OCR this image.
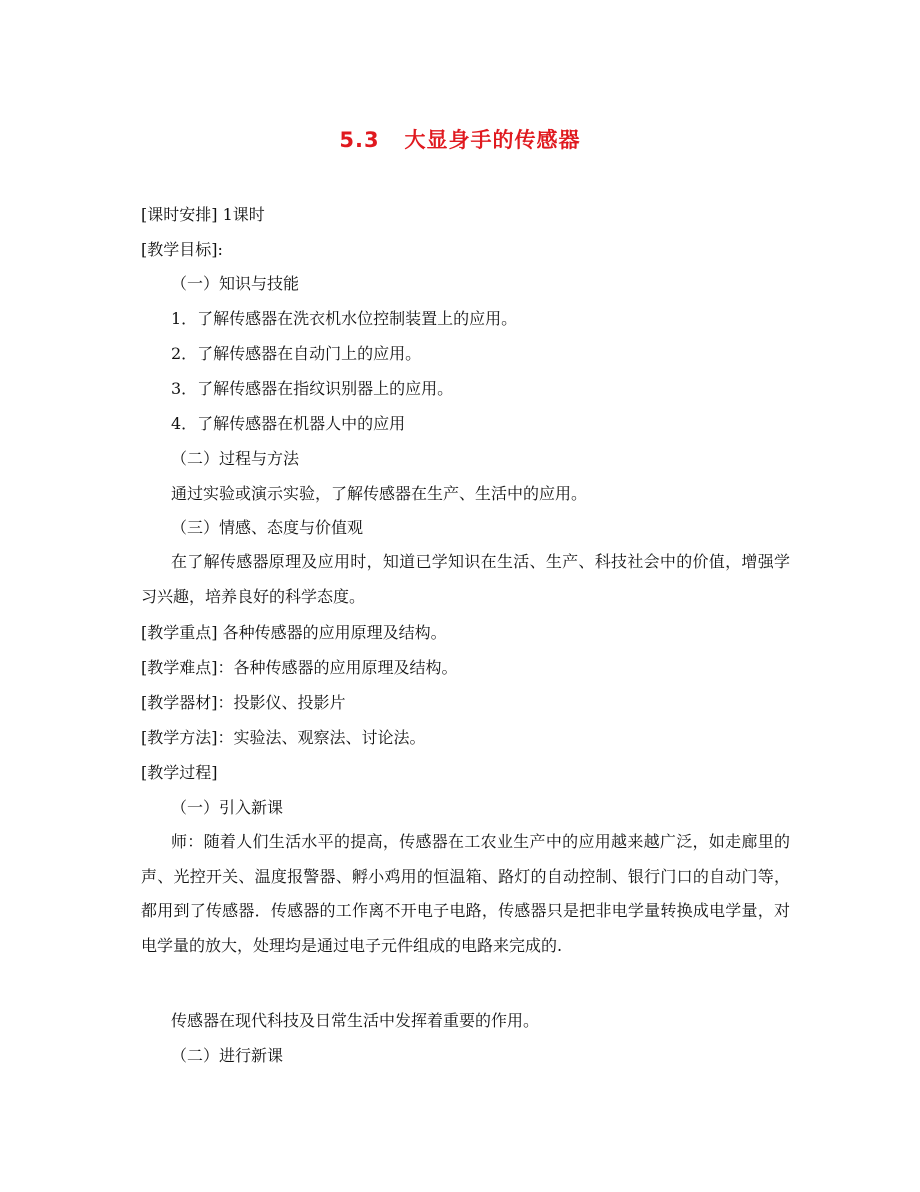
5.3   大显身手的传感器
[课时安排] 1课时
[教学目标]:
（一）知识与技能
1．了解传感器在洗衣机水位控制装置上的应用。
2．了解传感器在自动门上的应用。
3．了解传感器在指纹识别器上的应用。
4．了解传感器在机器人中的应用
（二）过程与方法
通过实验或演示实验，了解传感器在生产、生活中的应用。
（三）情感、态度与价值观
在了解传感器原理及应用时，知道已学知识在生活、生产、科技社会中的价值，增强学习兴趣，培养良好的科学态度。
[教学重点] 各种传感器的应用原理及结构。
[教学难点]：各种传感器的应用原理及结构。
[教学器材]：投影仪、投影片
[教学方法]：实验法、观察法、讨论法。
[教学过程]
（一）引入新课
师：随着人们生活水平的提高，传感器在工农业生产中的应用越来越广泛，如走廊里的声、光控开关、温度报警器、孵小鸡用的恒温箱、路灯的自动控制、银行门口的自动门等，都用到了传感器．传感器的工作离不开电子电路，传感器只是把非电学量转换成电学量，对电学量的放大，处理均是通过电子元件组成的电路来完成的.
传感器在现代科技及日常生活中发挥着重要的作用。
（二）进行新课
